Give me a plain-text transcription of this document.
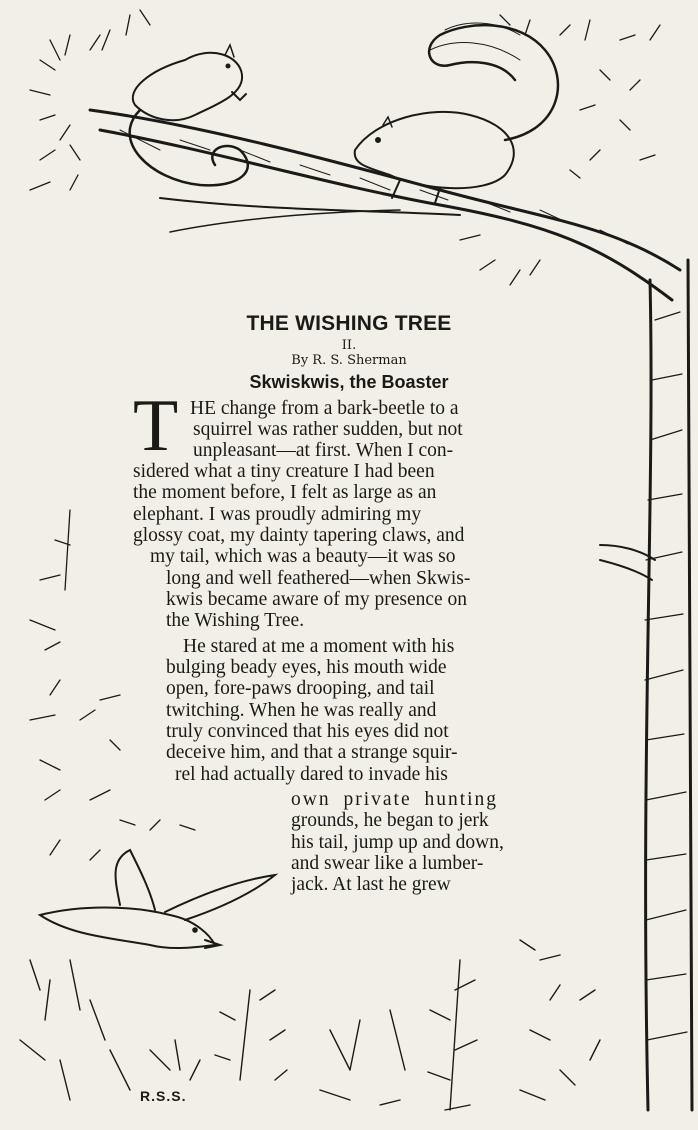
THE WISHING TREE
II.
By R. S. Sherman
Skwiskwis, the Boaster
T HE change from a bark-beetle to a
squirrel was rather sudden, but not
unpleasant—at first. When I con-
sidered what a tiny creature I had been
the moment before, I felt as large as an
elephant. I was proudly admiring my
glossy coat, my dainty tapering claws, and
my tail, which was a beauty—it was so
long and well feathered—when Skwis-
kwis became aware of my presence on
the Wishing Tree.
He stared at me a moment with his
bulging beady eyes, his mouth wide
open, fore-paws drooping, and tail
twitching. When he was really and
truly convinced that his eyes did not
deceive him, and that a strange squir-
rel had actually dared to invade his
own private hunting
grounds, he began to jerk
his tail, jump up and down,
and swear like a lumber-
jack. At last he grew
R.S.S.
